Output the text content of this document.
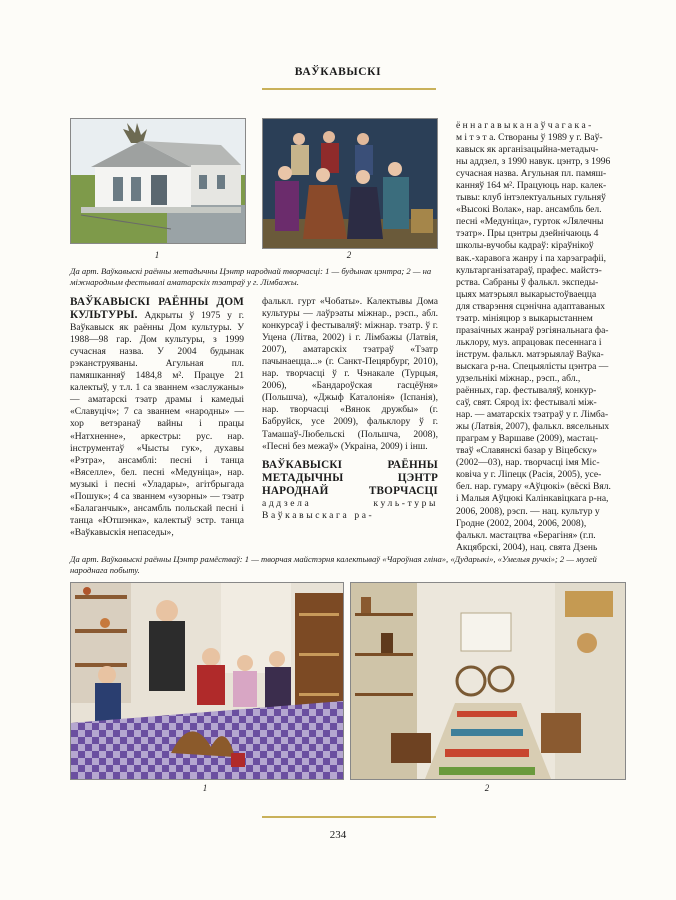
ВАЎКАВЫСКІ
1	2
Да арт. Ваўкавыскі раённы метадычны Цэнтр народнай творчасці: 1 — будынак цэнтра; 2 — на міжнародным фестывалі аматарскіх тэатраў у г. Лімбажы.
ё н н а г а в ы к а н а ў ч а г а к а -
м і т э т а. Створаны ў 1989 у г. Ваў-
кавыск як арганізацыйна-метадыч-
ны аддзел, з 1990 навук. цэнтр, з 1996
сучасная назва. Агульная пл. памяш-
канняў 164 м². Працуюць нар. калек-
тывы: клуб інтэлектуальных гульняў
«Высокі Волак», нар. ансамбль бел.
песні «Медуніца», гурток «Лялечны
тэатр». Пры цэнтры дзейнічаюць 4
школы-вучобы кадраў: кіраўнікоў
вак.-харавога жанру і па харэаграфіі,
культарганізатараў, прафес. майстэ-
рства. Сабраны ў фалькл. экспеды-
цыях матэрыял выкарыстоўваецца
для стварэння сцэнічна адаптаваных
тэатр. мініяцюр з выкарыстаннем
празаічных жанраў рэгіянальнага фа-
льклору, муз. апрацовак песеннага і
інструм. фалькл. матэрыялаў Ваўка-
выскага р-на. Спецыялісты цэнтра —
удзельнікі міжнар., рэсп., абл.,
раённых, гар. фестываляў, конкур-
саў, свят. Сярод іх: фестывалі між-
нар. — аматарскіх тэатраў у г. Лімба-
жы (Латвія, 2007), фалькл. вясельных
праграм у Варшаве (2009), мастац-
тваў «Славянскі базар у Віцебску»
(2002—03), нар. творчасці імя Міс-
ковіча у г. Ліпецк (Расія, 2005), усе-
бел. нар. гумару «Аўцюкі» (вёскі Вял.
і Малыя Аўцюкі Калінкавіцкага р-на,
2006, 2008), рэсп. — нац. культур у
Гродне (2002, 2004, 2006, 2008),
фалькл. мастацтва «Берагіня» (г.п.
Акцябрскі, 2004), нац. свята Дзень

ВАЎКАВЫСКІ РАЁННЫ ДОМ КУЛЬТУРЫ. Адкрыты ў 1975 у г. Ваўкавыск як раённы Дом культуры. У 1988—98 гар. Дом культуры, з 1999 сучасная назва. У 2004 будынак рэканструяваны. Агульная пл. памяшканняў 1484,8 м². Працуе 21 калектыў, у т.л. 1 са званнем «заслужаны» — аматарскі тэатр драмы і камедыі «Славуціч»; 7 са званнем «народны» — хор ветэранаў вайны і працы «Натхненне», аркестры: рус. нар. інструментаў «Чысты гук», духавы «Рэтра», ансамблі: песні і танца «Вяселле», бел. песні «Медуніца», нар. музыкі і песні «Уладары», агітбрыгада «Пошук»; 4 са званнем «узорны» — тэатр «Балаганчык», ансамбль польскай песні і танца «Ютшэнка», калектыў эстр. танца «Ваўкавыскія непаседы»,

фалькл. гурт «Чобаты». Калектывы Дома культуры — лаўрэаты міжнар., рэсп., абл. конкурсаў і фестываляў: міжнар. тэатр. ў г. Уцена (Літва, 2002) і г. Лімбажы (Латвія, 2007), аматарскіх тэатраў «Тэатр пачынаецца...» (г. Санкт-Пецярбург, 2010), нар. творчасці ў г. Чэнакале (Турцыя, 2006), «Бандароўская гасцёўня» (Польшча), «Джыф Каталонія» (Іспанія), нар. творчасці «Вянок дружбы» (г. Бабруйск, усе 2009), фальклору ў г. Тамашаў-Любельскі (Польшча, 2008), «Песні без межаў» (Украіна, 2009) і інш.

ВАЎКАВЫСКІ РАЁННЫ МЕТАДЫЧНЫ ЦЭНТР НАРОДНАЙ ТВОРЧАСЦІ аддзела куль-туры Ваўкавыскага ра-

Да арт. Ваўкавыскі раённы Цэнтр рамёстваў: 1 — творчая майстэрня калектываў «Чароўная гліна», «Дударыкі», «Умелыя ручкі»; 2 — музей народнага побыту.
1	2
234
